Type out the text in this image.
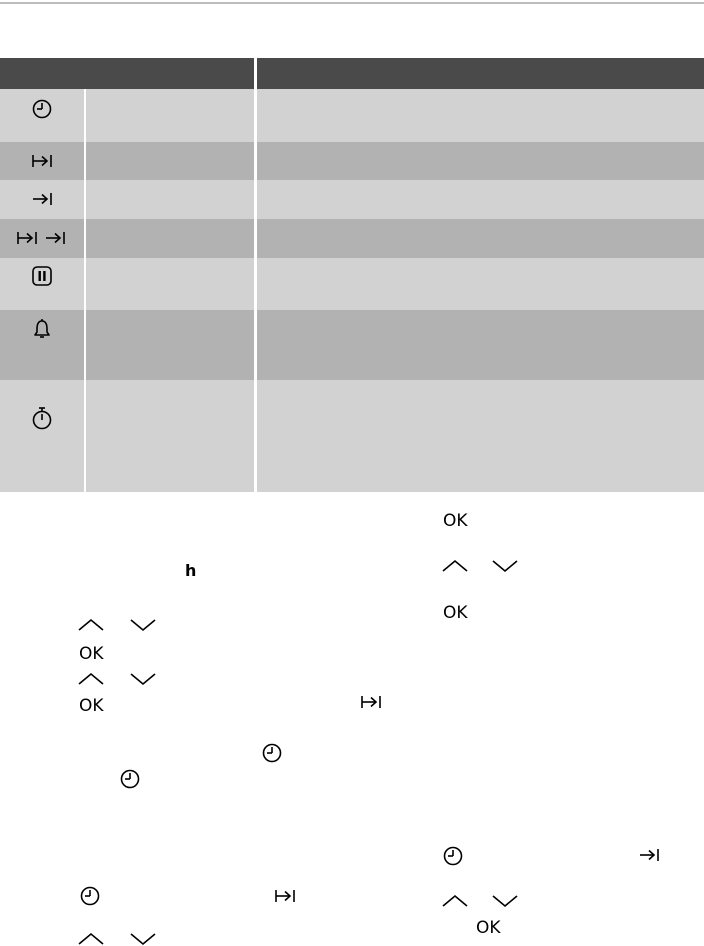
h
OK
OK
OK
OK
OK
